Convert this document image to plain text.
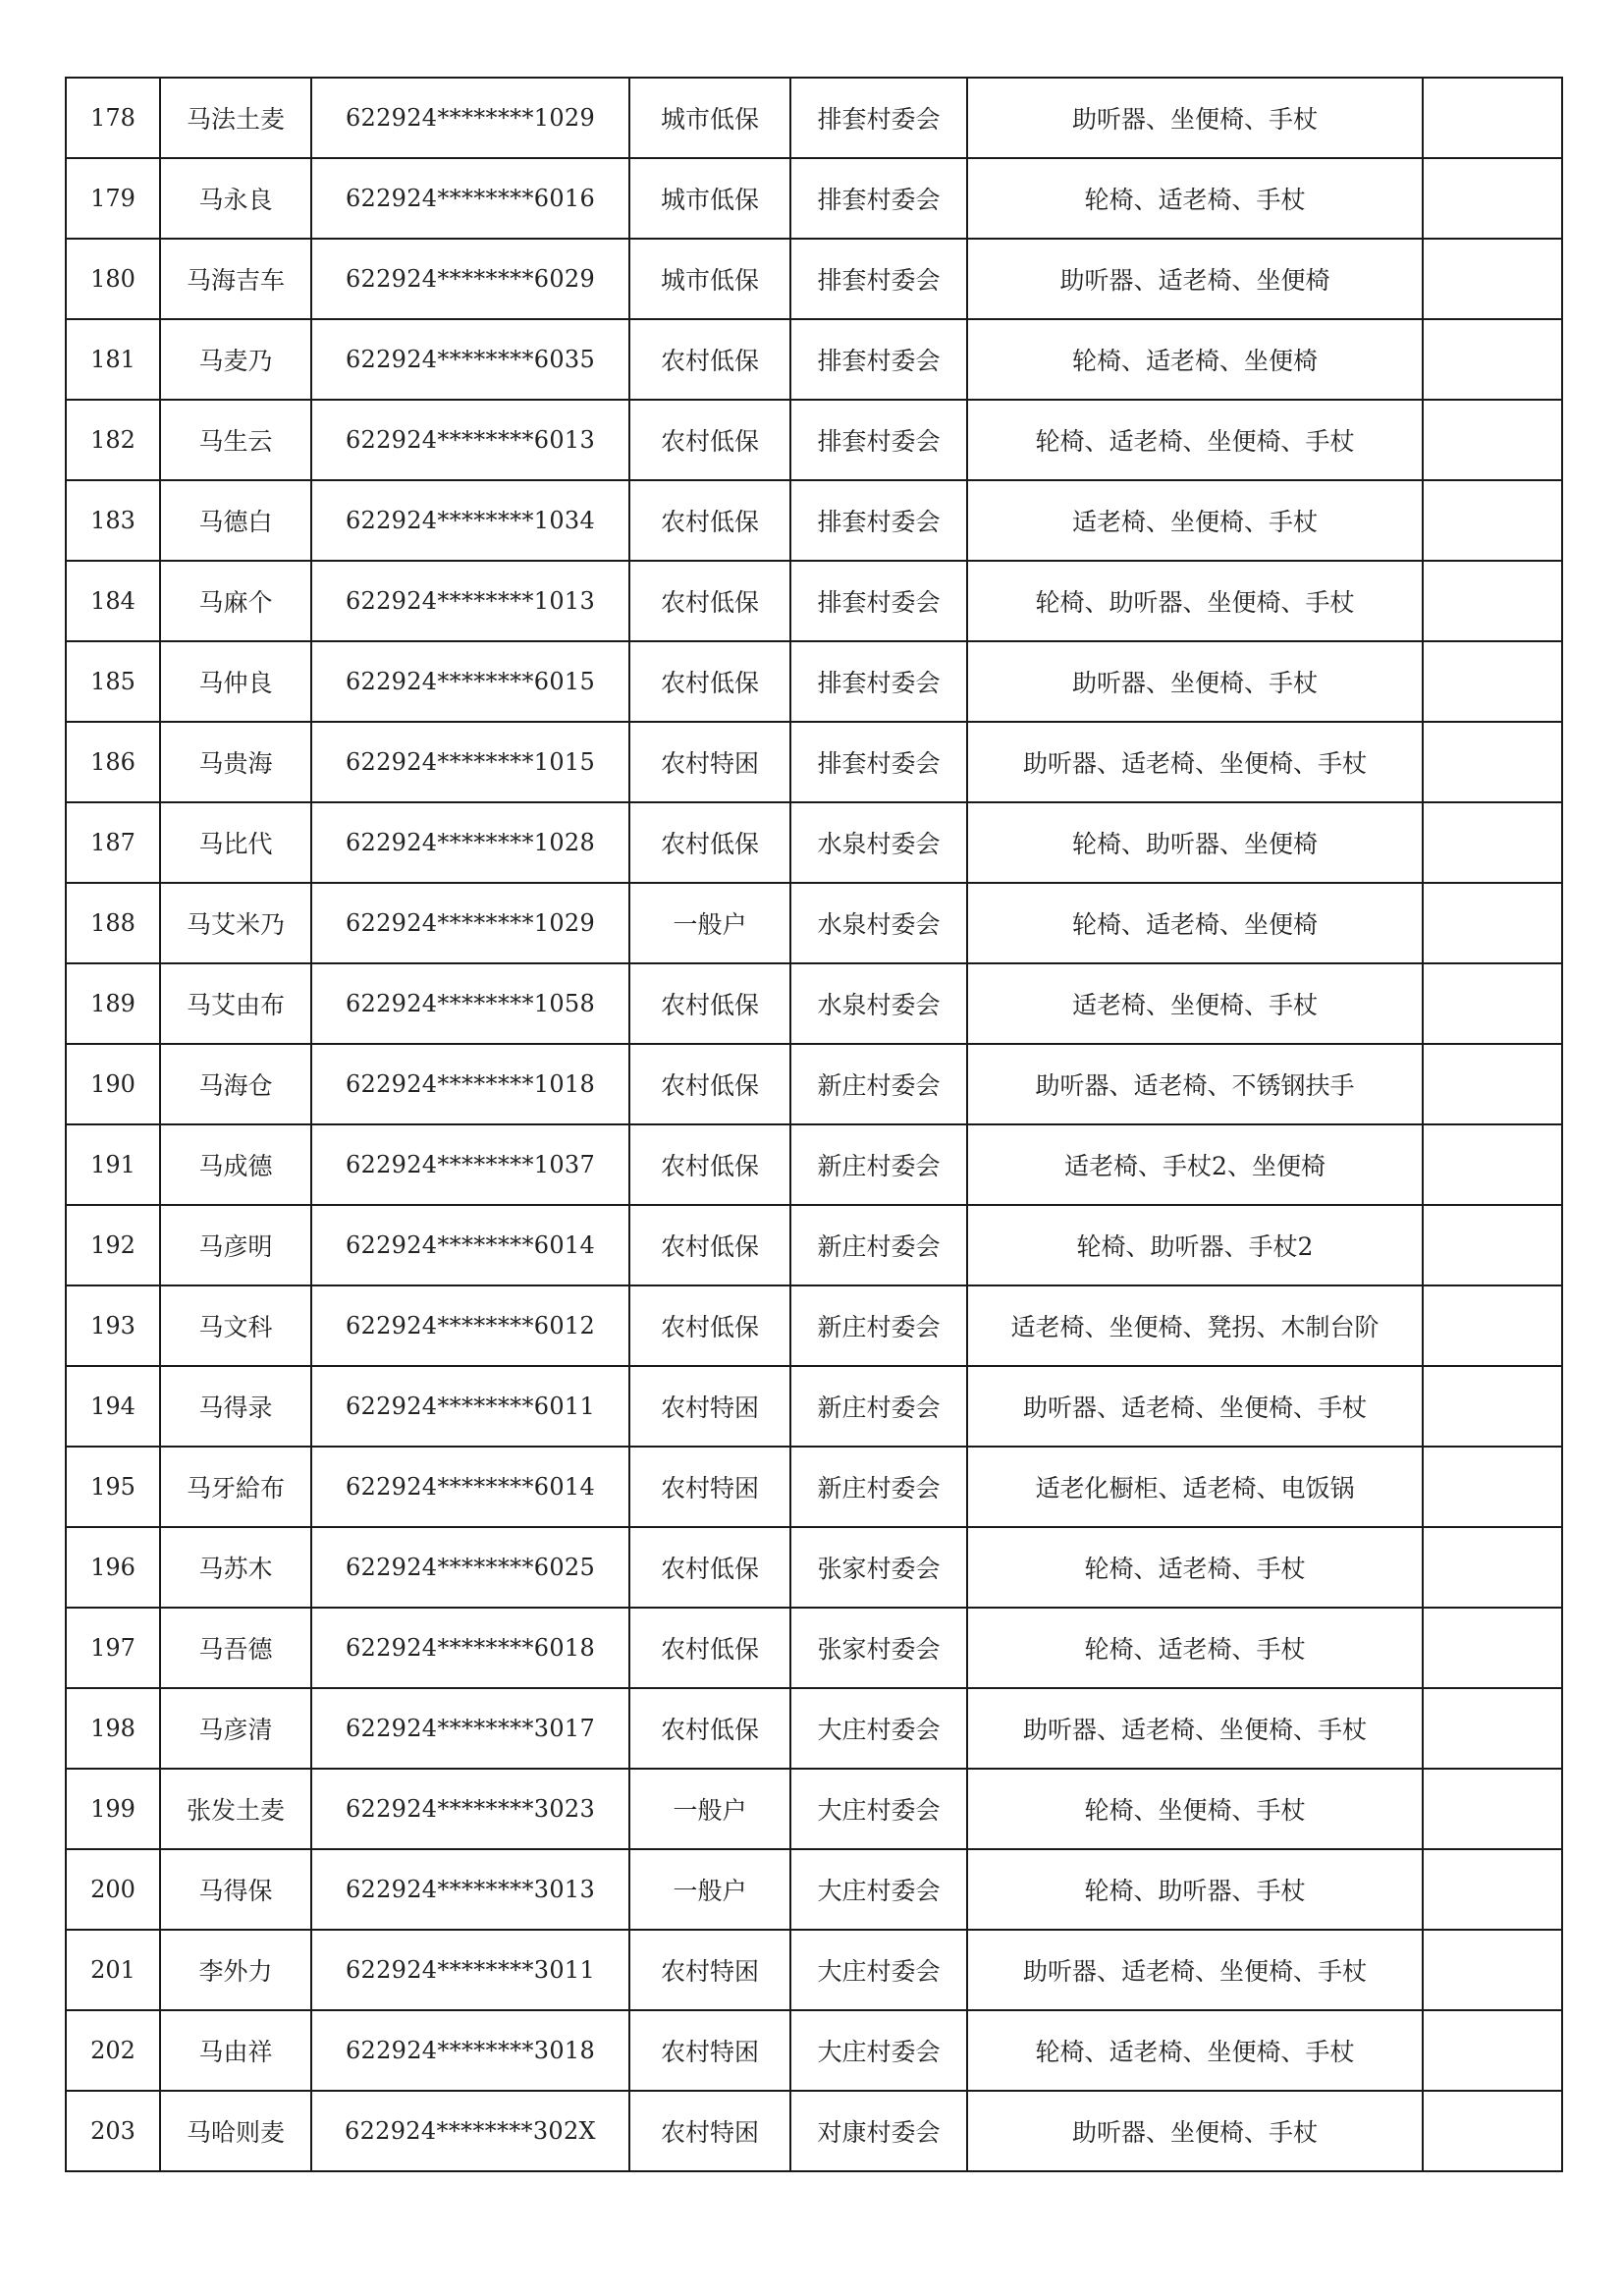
178	马法土麦	622924********1029	城市低保	排套村委会	助听器、坐便椅、手杖	
179	马永良	622924********6016	城市低保	排套村委会	轮椅、适老椅、手杖	
180	马海吉车	622924********6029	城市低保	排套村委会	助听器、适老椅、坐便椅	
181	马麦乃	622924********6035	农村低保	排套村委会	轮椅、适老椅、坐便椅	
182	马生云	622924********6013	农村低保	排套村委会	轮椅、适老椅、坐便椅、手杖	
183	马德白	622924********1034	农村低保	排套村委会	适老椅、坐便椅、手杖	
184	马麻个	622924********1013	农村低保	排套村委会	轮椅、助听器、坐便椅、手杖	
185	马仲良	622924********6015	农村低保	排套村委会	助听器、坐便椅、手杖	
186	马贵海	622924********1015	农村特困	排套村委会	助听器、适老椅、坐便椅、手杖	
187	马比代	622924********1028	农村低保	水泉村委会	轮椅、助听器、坐便椅	
188	马艾米乃	622924********1029	一般户	水泉村委会	轮椅、适老椅、坐便椅	
189	马艾由布	622924********1058	农村低保	水泉村委会	适老椅、坐便椅、手杖	
190	马海仓	622924********1018	农村低保	新庄村委会	助听器、适老椅、不锈钢扶手	
191	马成德	622924********1037	农村低保	新庄村委会	适老椅、手杖2、坐便椅	
192	马彦明	622924********6014	农村低保	新庄村委会	轮椅、助听器、手杖2	
193	马文科	622924********6012	农村低保	新庄村委会	适老椅、坐便椅、凳拐、木制台阶	
194	马得录	622924********6011	农村特困	新庄村委会	助听器、适老椅、坐便椅、手杖	
195	马牙給布	622924********6014	农村特困	新庄村委会	适老化橱柜、适老椅、电饭锅	
196	马苏木	622924********6025	农村低保	张家村委会	轮椅、适老椅、手杖	
197	马吾德	622924********6018	农村低保	张家村委会	轮椅、适老椅、手杖	
198	马彦清	622924********3017	农村低保	大庄村委会	助听器、适老椅、坐便椅、手杖	
199	张发土麦	622924********3023	一般户	大庄村委会	轮椅、坐便椅、手杖	
200	马得保	622924********3013	一般户	大庄村委会	轮椅、助听器、手杖	
201	李外力	622924********3011	农村特困	大庄村委会	助听器、适老椅、坐便椅、手杖	
202	马由祥	622924********3018	农村特困	大庄村委会	轮椅、适老椅、坐便椅、手杖	
203	马哈则麦	622924********302X	农村特困	对康村委会	助听器、坐便椅、手杖	
